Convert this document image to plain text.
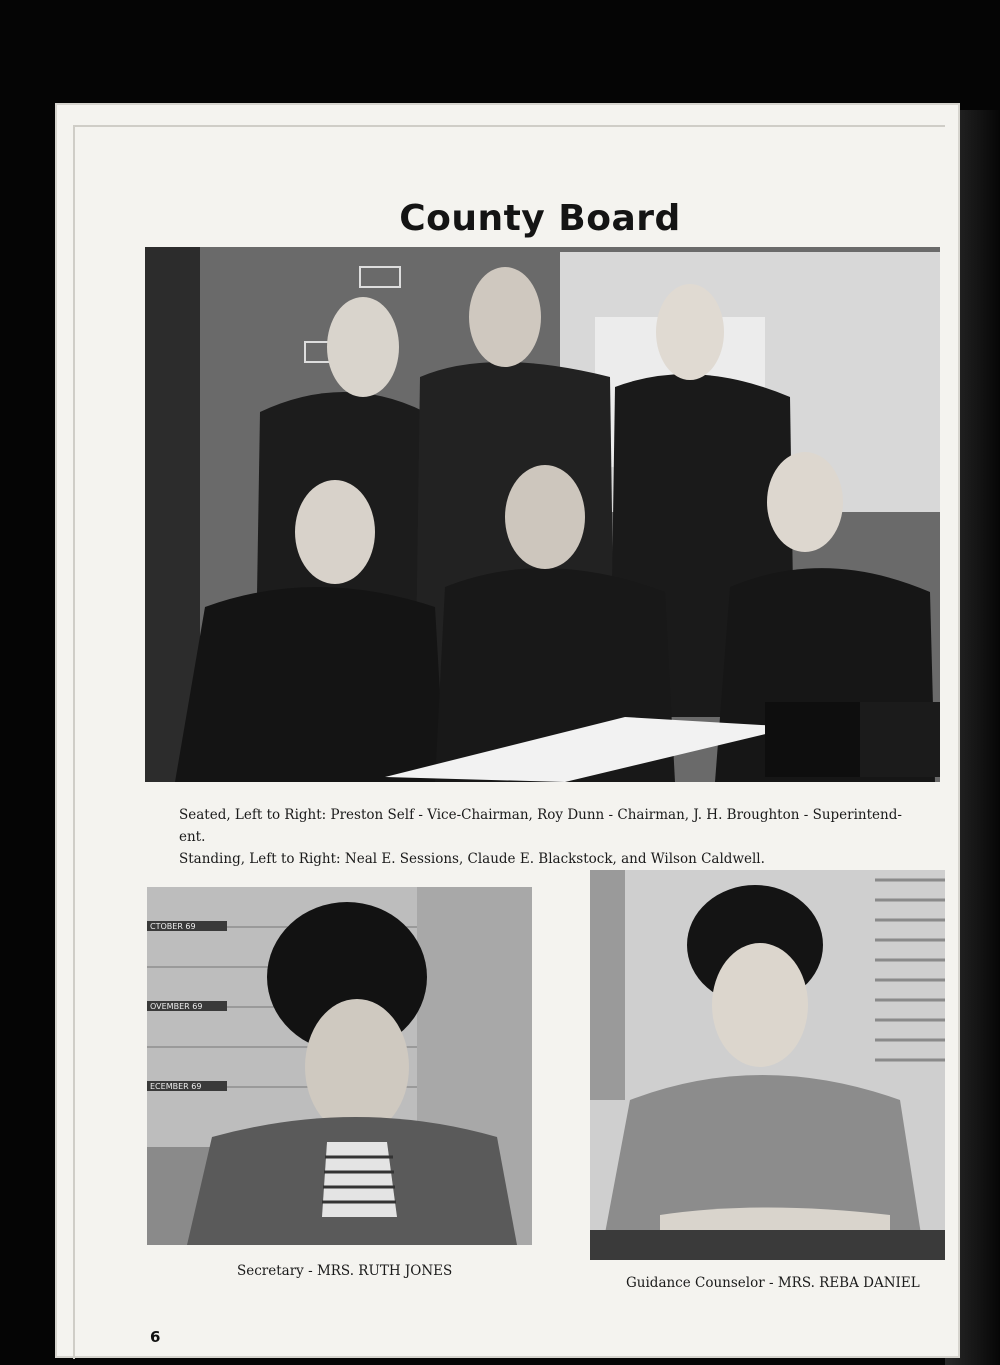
County Board
Seated, Left to Right: Preston Self - Vice-Chairman, Roy Dunn - Chairman, J. H. Broughton - Superintend-
ent.
Standing, Left to Right: Neal E. Sessions, Claude E. Blackstock, and Wilson Caldwell.
CTOBER 69
OVEMBER 69
ECEMBER 69
Secretary - MRS. RUTH JONES
Guidance Counselor - MRS. REBA DANIEL
6
